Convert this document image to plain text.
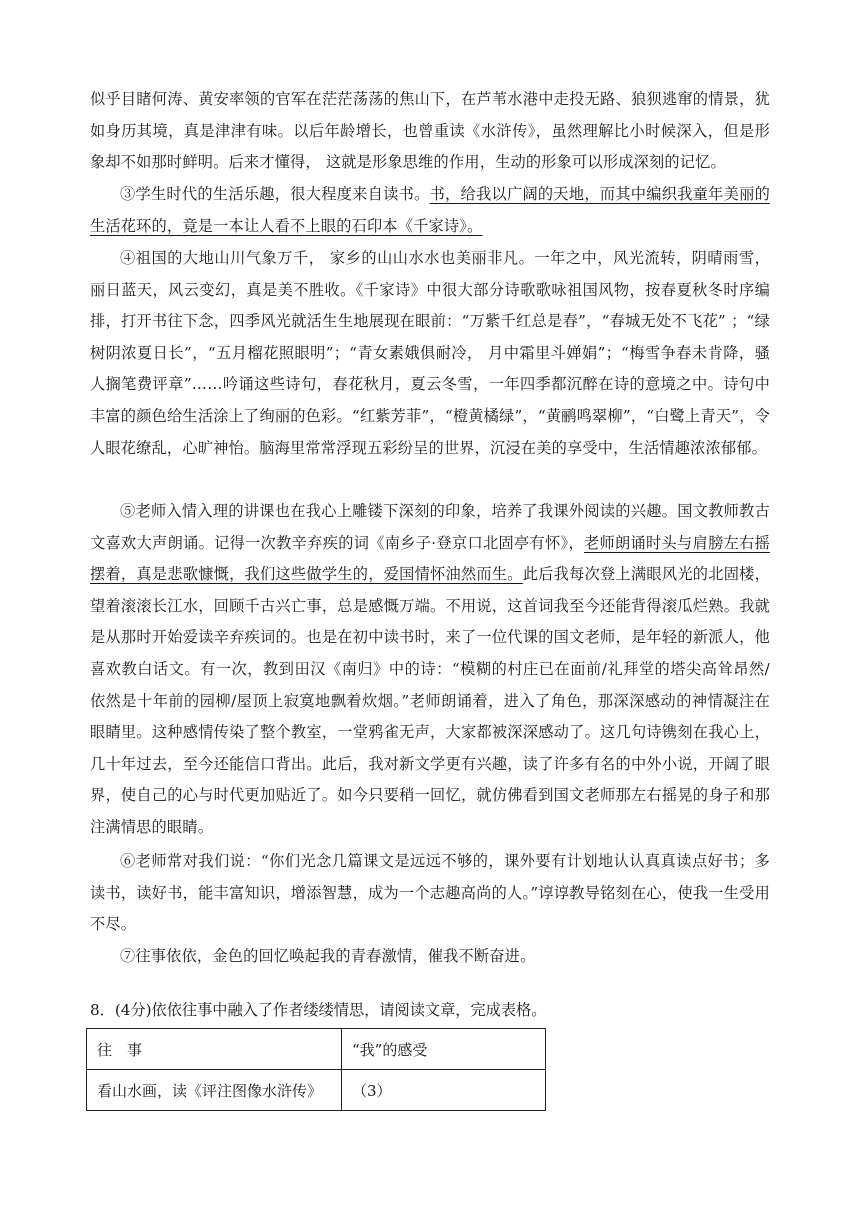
似乎目睹何涛、黄安率领的官军在茫茫荡荡的焦山下，在芦苇水港中走投无路、狼狈逃窜的情景，犹如身历其境，真是津津有味。以后年龄增长，也曾重读《水浒传》，虽然理解比小时候深入，但是形象却不如那时鲜明。后来才懂得， 这就是形象思维的作用，生动的形象可以形成深刻的记忆。

③学生时代的生活乐趣，很大程度来自读书。书，给我以广阔的天地，而其中编织我童年美丽的生活花环的，竟是一本让人看不上眼的石印本《千家诗》。

④祖国的大地山川气象万千， 家乡的山山水水也美丽非凡。一年之中，风光流转，阴晴雨雪，丽日蓝天，风云变幻，真是美不胜收。《千家诗》中很大部分诗歌歌咏祖国风物，按春夏秋冬时序编排，打开书往下念，四季风光就活生生地展现在眼前：“万紫千红总是春”，“春城无处不飞花” ；“绿树阴浓夏日长”，“五月榴花照眼明”；“青女素娥俱耐冷， 月中霜里斗婵娟”；“梅雪争春未肯降，骚人搁笔费评章”……吟诵这些诗句，春花秋月，夏云冬雪，一年四季都沉醉在诗的意境之中。诗句中丰富的颜色给生活涂上了绚丽的色彩。“红紫芳菲”，“橙黄橘绿”，“黄鹂鸣翠柳”，“白鹭上青天”，令人眼花缭乱，心旷神怡。脑海里常常浮现五彩纷呈的世界，沉浸在美的享受中，生活情趣浓浓郁郁。

⑤老师入情入理的讲课也在我心上雕镂下深刻的印象，培养了我课外阅读的兴趣。国文教师教古文喜欢大声朗诵。记得一次教辛弃疾的词《南乡子·登京口北固亭有怀》，老师朗诵时头与肩膀左右摇摆着，真是悲歌慷慨，我们这些做学生的，爱国情怀油然而生。此后我每次登上满眼风光的北固楼，望着滚滚长江水，回顾千古兴亡事，总是感慨万端。不用说，这首词我至今还能背得滚瓜烂熟。我就是从那时开始爱读辛弃疾词的。也是在初中读书时，来了一位代课的国文老师，是年轻的新派人，他喜欢教白话文。有一次，教到田汉《南归》中的诗：“模糊的村庄已在面前/礼拜堂的塔尖高耸昂然/依然是十年前的园柳/屋顶上寂寞地飘着炊烟。”老师朗诵着，进入了角色，那深深感动的神情凝注在眼睛里。这种感情传染了整个教室，一堂鸦雀无声，大家都被深深感动了。这几句诗镌刻在我心上，几十年过去，至今还能信口背出。此后，我对新文学更有兴趣，读了许多有名的中外小说，开阔了眼界，使自己的心与时代更加贴近了。如今只要稍一回忆，就仿佛看到国文老师那左右摇晃的身子和那注满情思的眼睛。

⑥老师常对我们说：“你们光念几篇课文是远远不够的，课外要有计划地认认真真读点好书；多读书，读好书，能丰富知识，增添智慧，成为一个志趣高尚的人。”谆谆教导铭刻在心，使我一生受用不尽。

⑦往事依依，金色的回忆唤起我的青春激情，催我不断奋进。

8．(4分)依依往事中融入了作者缕缕情思，请阅读文章，完成表格。

往　事	“我”的感受
看山水画，读《评注图像水浒传》	（3）
